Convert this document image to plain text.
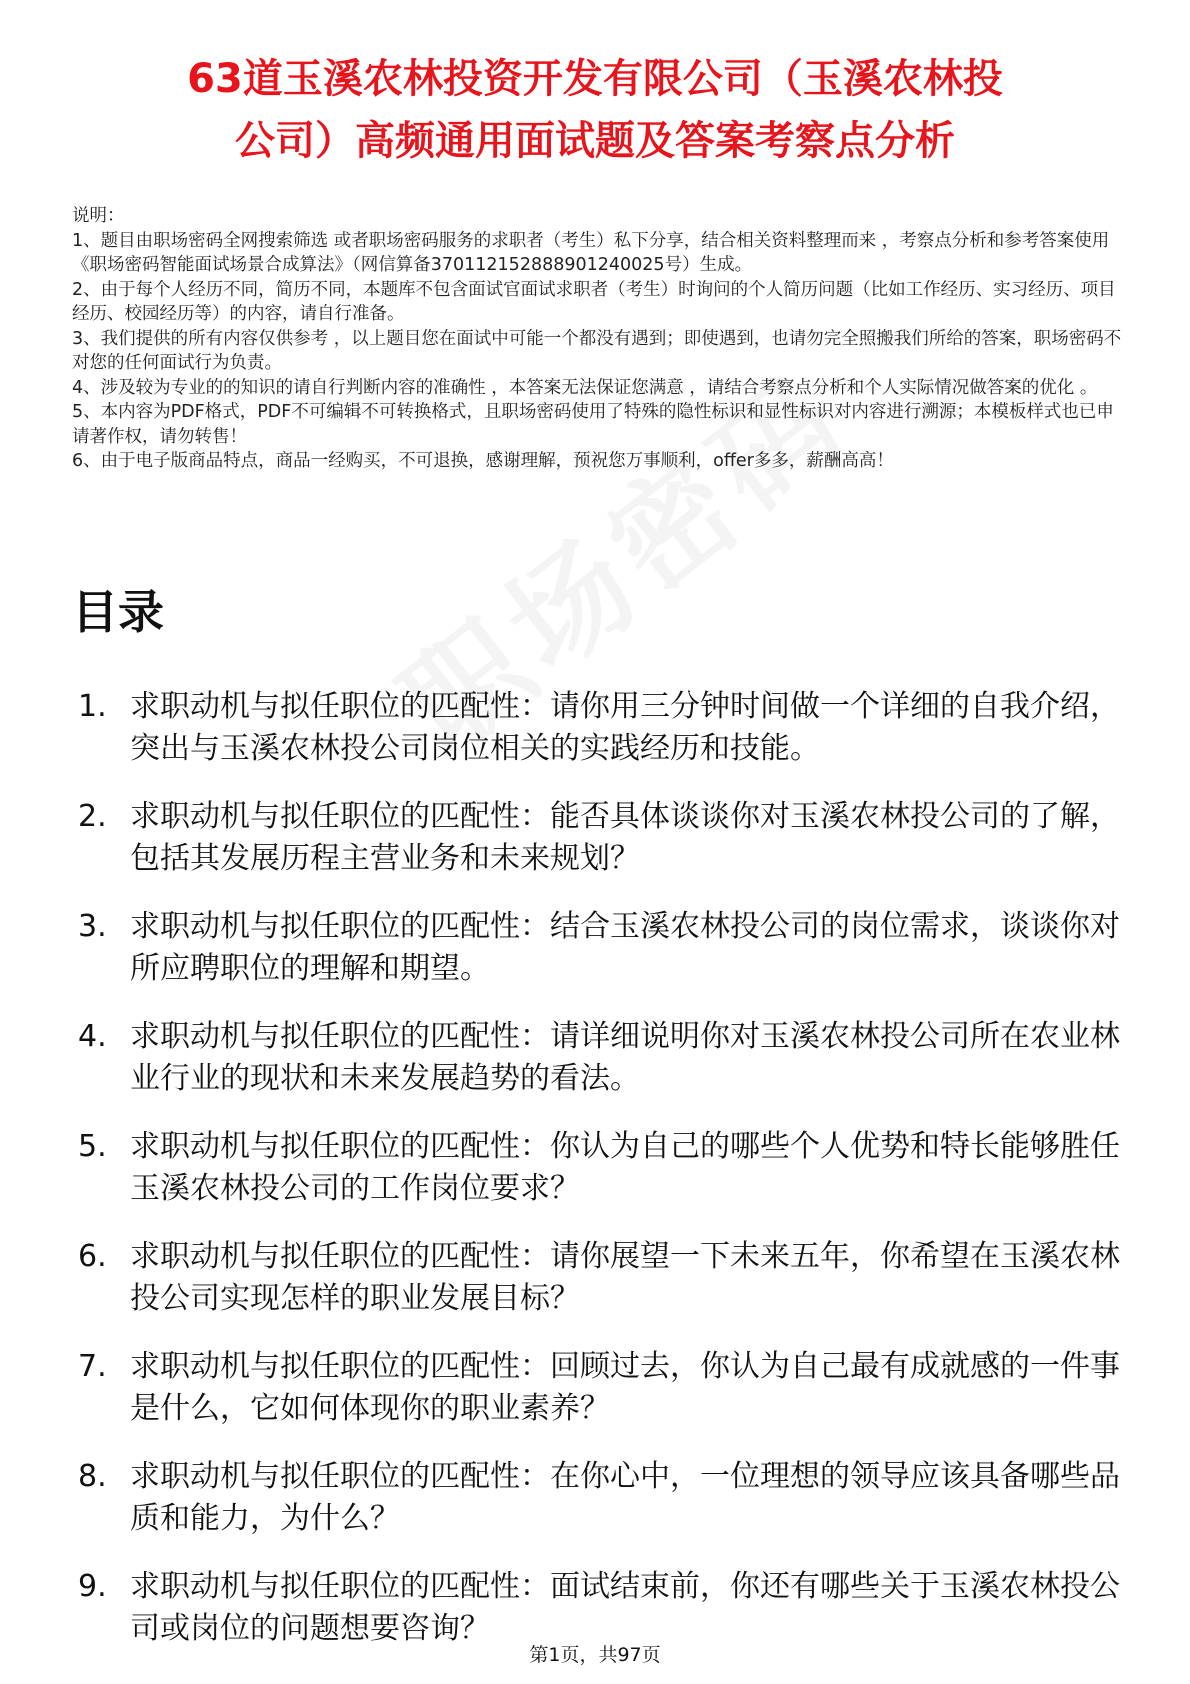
63道玉溪农林投资开发有限公司（玉溪农林投
公司）高频通用面试题及答案考察点分析

说明：

1、题目由职场密码全网搜索筛选 或者职场密码服务的求职者（考生）私下分享，结合相关资料整理而来 ，考察点分析和参考答案使用《职场密码智能面试场景合成算法》（网信算备370112152888901240025号）生成。

2、由于每个人经历不同，简历不同，本题库不包含面试官面试求职者（考生）时询问的个人简历问题（比如工作经历、实习经历、项目经历、校园经历等）的内容，请自行准备。

3、我们提供的所有内容仅供参考 ，以上题目您在面试中可能一个都没有遇到；即使遇到，也请勿完全照搬我们所给的答案，职场密码不对您的任何面试行为负责。

4、涉及较为专业的的知识的请自行判断内容的准确性 ，本答案无法保证您满意 ，请结合考察点分析和个人实际情况做答案的优化 。

5、本内容为PDF格式，PDF不可编辑不可转换格式，且职场密码使用了特殊的隐性标识和显性标识对内容进行溯源；本模板样式也已申请著作权，请勿转售！

6、由于电子版商品特点，商品一经购买，不可退换，感谢理解，预祝您万事顺利，offer多多，薪酬高高！

目录
1. 求职动机与拟任职位的匹配性：请你用三分钟时间做一个详细的自我介绍，突出与玉溪农林投公司岗位相关的实践经历和技能。
2. 求职动机与拟任职位的匹配性：能否具体谈谈你对玉溪农林投公司的了解，包括其发展历程主营业务和未来规划？
3. 求职动机与拟任职位的匹配性：结合玉溪农林投公司的岗位需求，谈谈你对所应聘职位的理解和期望。
4. 求职动机与拟任职位的匹配性：请详细说明你对玉溪农林投公司所在农业林业行业的现状和未来发展趋势的看法。
5. 求职动机与拟任职位的匹配性：你认为自己的哪些个人优势和特长能够胜任玉溪农林投公司的工作岗位要求？
6. 求职动机与拟任职位的匹配性：请你展望一下未来五年，你希望在玉溪农林投公司实现怎样的职业发展目标？
7. 求职动机与拟任职位的匹配性：回顾过去，你认为自己最有成就感的一件事是什么，它如何体现你的职业素养？
8. 求职动机与拟任职位的匹配性：在你心中，一位理想的领导应该具备哪些品质和能力，为什么？
9. 求职动机与拟任职位的匹配性：面试结束前，你还有哪些关于玉溪农林投公司或岗位的问题想要咨询？
第1页，共97页
